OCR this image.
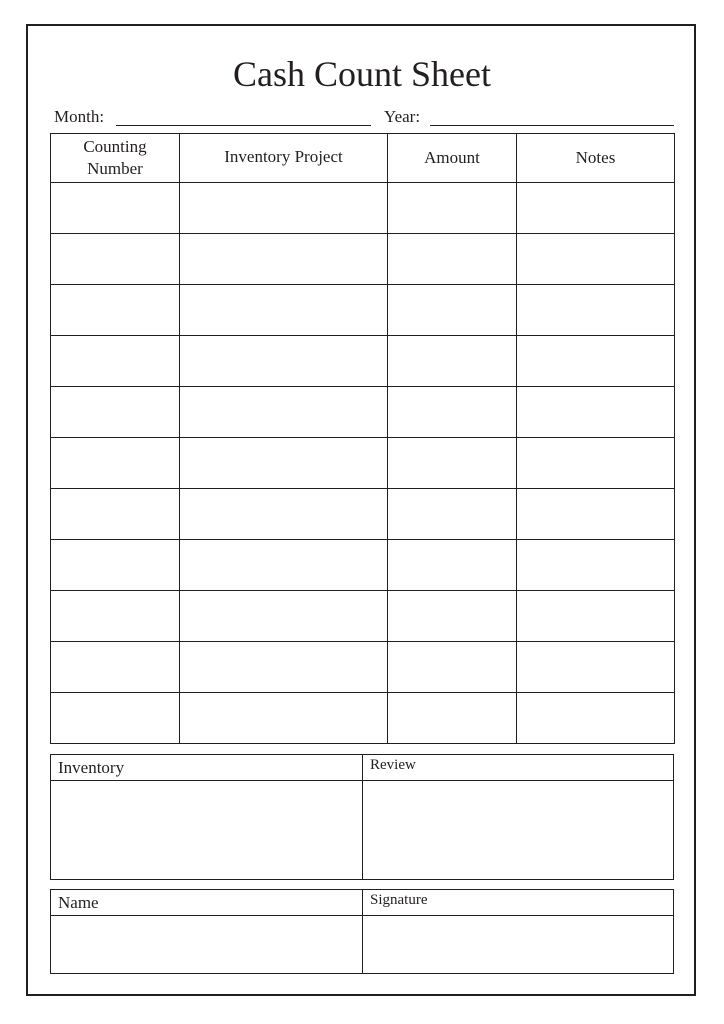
Cash Count Sheet
Month:	Year:
Counting
Number	Inventory Project	Amount	Notes

Inventory	Review
Name	Signature
